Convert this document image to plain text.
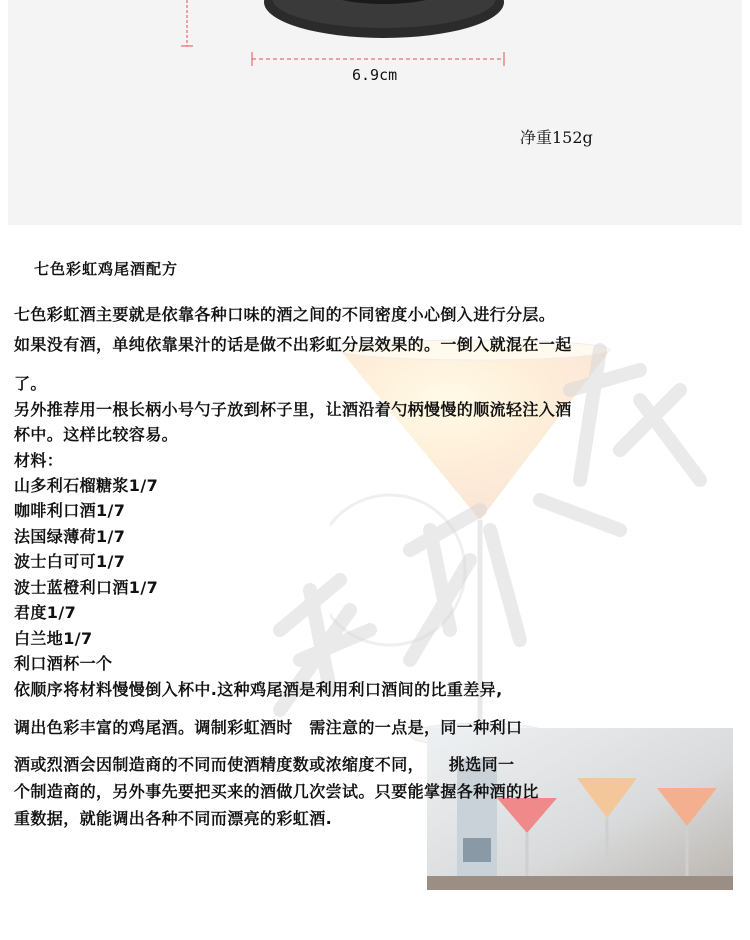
6.9cm
净重152g
七色彩虹鸡尾酒配方

七色彩虹酒主要就是依靠各种口味的酒之间的不同密度小心倒入进行分层。

如果没有酒，单纯依靠果汁的话是做不出彩虹分层效果的。一倒入就混在一起

了。

另外推荐用一根长柄小号勺子放到杯子里，让酒沿着勺柄慢慢的顺流轻注入酒

杯中。这样比较容易。

材料：

山多利石榴糖浆1/7

咖啡利口酒1/7

法国绿薄荷1/7

波士白可可1/7

波士蓝橙利口酒1/7

君度1/7

白兰地1/7

利口酒杯一个

依顺序将材料慢慢倒入杯中.这种鸡尾酒是利用利口酒间的比重差异,

调出色彩丰富的鸡尾酒。调制彩虹酒时　需注意的一点是，同一种利口

酒或烈酒会因制造商的不同而使酒精度数或浓缩度不同，　　挑选同一

个制造商的，另外事先要把买来的酒做几次尝试。只要能掌握各种酒的比

重数据，就能调出各种不同而漂亮的彩虹酒.
